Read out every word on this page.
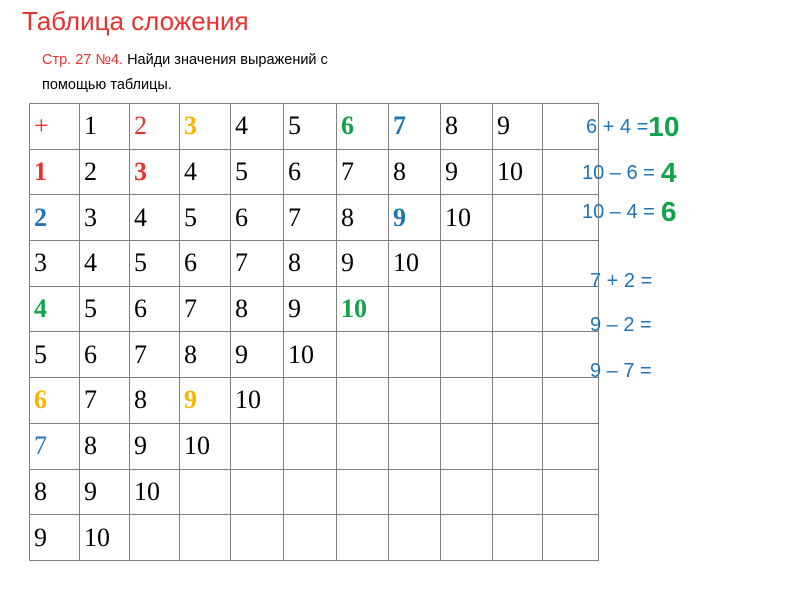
Таблица сложения
Стр. 27 №4. Найди значения выражений с помощью таблицы.
+	1	2	3	4	5	6	7	8	9	
1	2	3	4	5	6	7	8	9	10	
2	3	4	5	6	7	8	9	10		
3	4	5	6	7	8	9	10			
4	5	6	7	8	9	10				
5	6	7	8	9	10					
6	7	8	9	10						
7	8	9	10							
8	9	10								
9	10									
6 + 4 = 10
10 – 6 = 4
10 – 4 = 6
7 + 2 =
9 – 2 =
9 – 7 =
